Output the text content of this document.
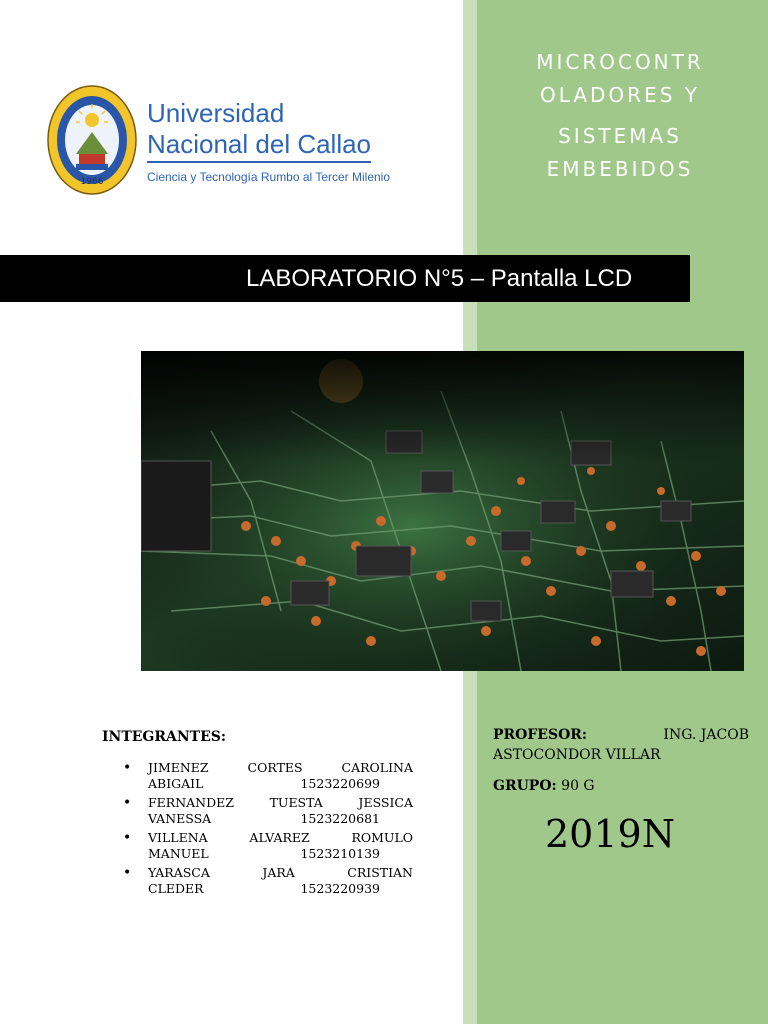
1966
Universidad
Nacional del Callao
Ciencia y Tecnología Rumbo al Tercer Milenio
MICROCONTR
OLADORES Y
SISTEMAS
EMBEBIDOS
LABORATORIO N°5 – Pantalla LCD
INTEGRANTES:
• JIMENEZ CORTES CAROLINA
ABIGAIL	1523220699
• FERNANDEZ TUESTA JESSICA
VANESSA	1523220681
• VILLENA ALVAREZ ROMULO
MANUEL	1523210139
• YARASCA JARA CRISTIAN
CLEDER	1523220939
PROFESOR:	ING. JACOB
ASTOCONDOR VILLAR
GRUPO: 90 G
2019N
